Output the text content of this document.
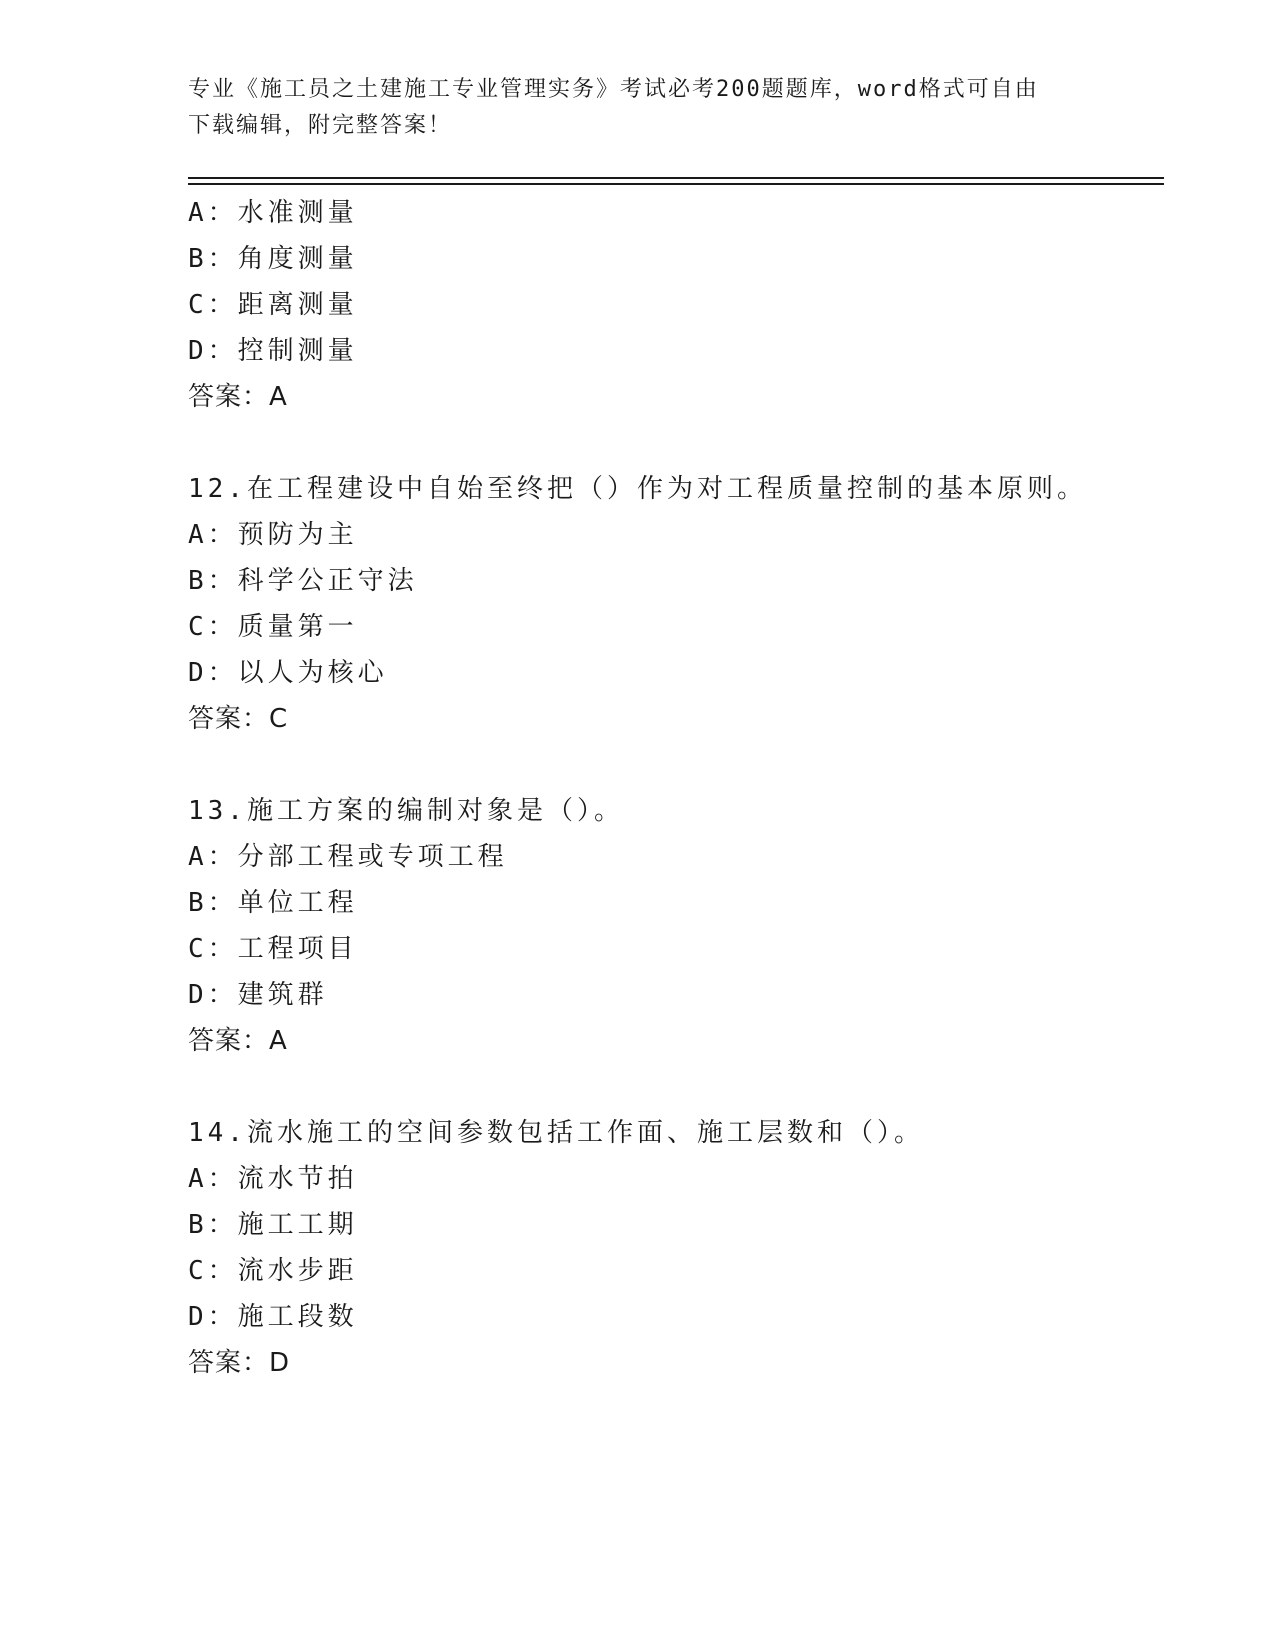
专业《施工员之土建施工专业管理实务》考试必考200题题库，word格式可自由
下载编辑，附完整答案！
A：水准测量
B：角度测量
C：距离测量
D：控制测量
答案：A
12.在工程建设中自始至终把（）作为对工程质量控制的基本原则。
A：预防为主
B：科学公正守法
C：质量第一
D：以人为核心
答案：C
13.施工方案的编制对象是（）。
A：分部工程或专项工程
B：单位工程
C：工程项目
D：建筑群
答案：A
14.流水施工的空间参数包括工作面、施工层数和（）。
A：流水节拍
B：施工工期
C：流水步距
D：施工段数
答案：D
